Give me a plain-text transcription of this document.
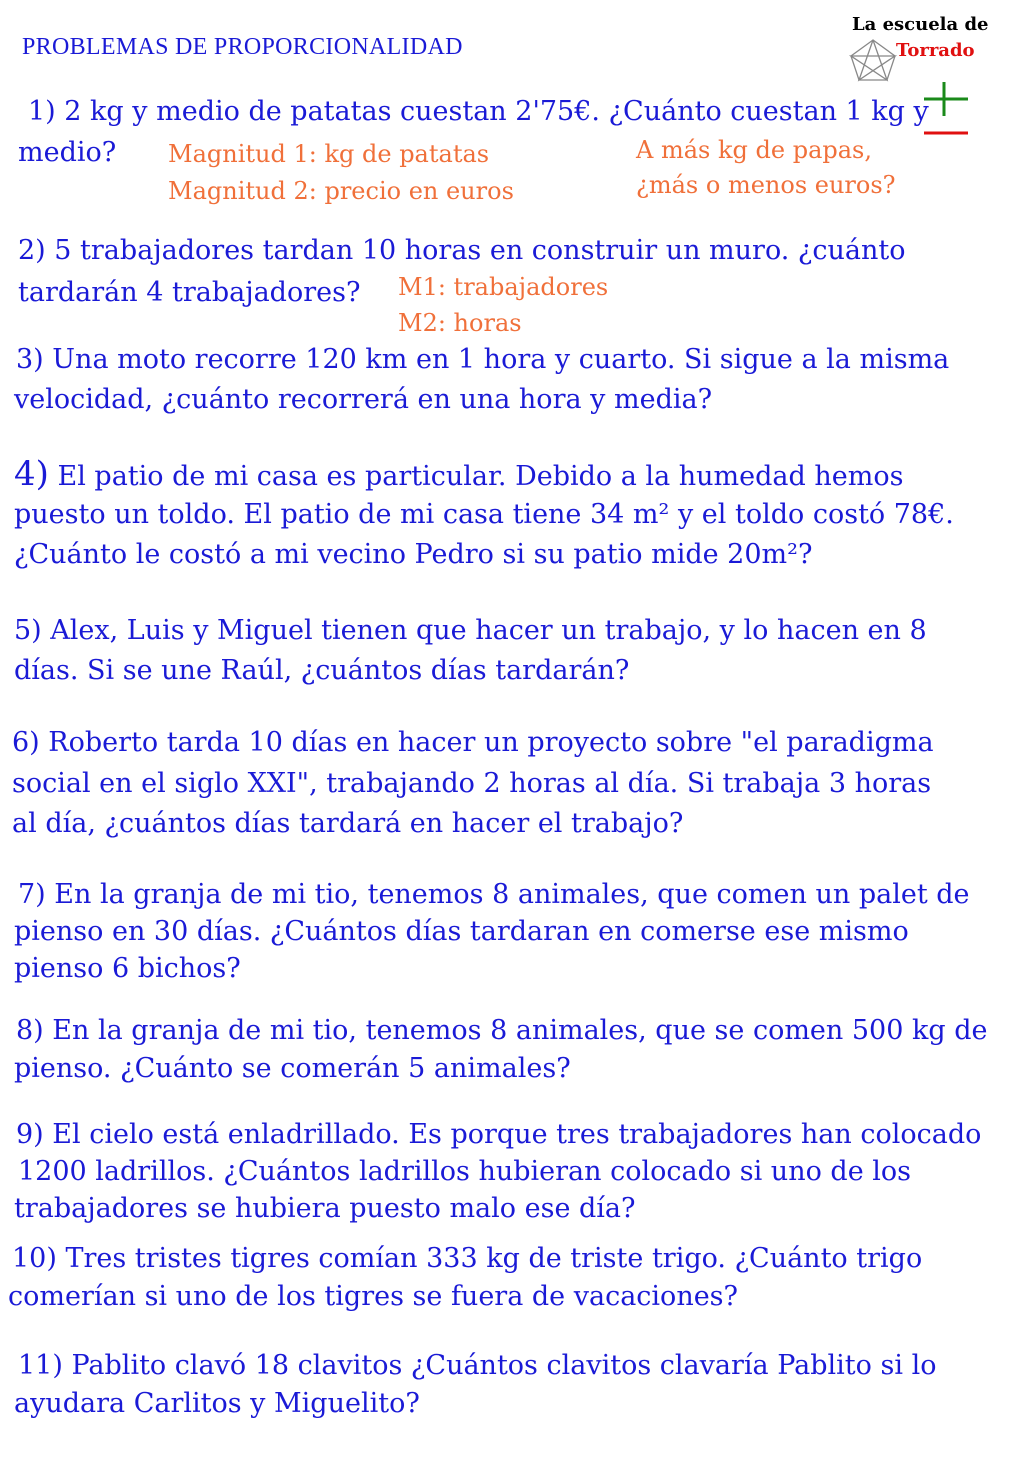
PROBLEMAS DE PROPORCIONALIDAD
La escuela de
Torrado
1) 2 kg y medio de patatas cuestan 2'75€. ¿Cuánto cuestan 1 kg y
medio? Magnitud 1: kg de patatas
Magnitud 2: precio en euros
A más kg de papas,
¿más o menos euros?
2) 5 trabajadores tardan 10 horas en construir un muro. ¿cuánto
tardarán 4 trabajadores? M1: trabajadores
M2: horas
3) Una moto recorre 120 km en 1 hora y cuarto. Si sigue a la misma
velocidad, ¿cuánto recorrerá en una hora y media?
4) El patio de mi casa es particular. Debido a la humedad hemos
puesto un toldo. El patio de mi casa tiene 34 m² y el toldo costó 78€.
¿Cuánto le costó a mi vecino Pedro si su patio mide 20m²?
5) Alex, Luis y Miguel tienen que hacer un trabajo, y lo hacen en 8
días. Si se une Raúl, ¿cuántos días tardarán?
6) Roberto tarda 10 días en hacer un proyecto sobre "el paradigma
social en el siglo XXI", trabajando 2 horas al día. Si trabaja 3 horas
al día, ¿cuántos días tardará en hacer el trabajo?
7) En la granja de mi tio, tenemos 8 animales, que comen un palet de
pienso en 30 días. ¿Cuántos días tardaran en comerse ese mismo
pienso 6 bichos?
8) En la granja de mi tio, tenemos 8 animales, que se comen 500 kg de
pienso. ¿Cuánto se comerán 5 animales?
9) El cielo está enladrillado. Es porque tres trabajadores han colocado
1200 ladrillos. ¿Cuántos ladrillos hubieran colocado si uno de los
trabajadores se hubiera puesto malo ese día?
10) Tres tristes tigres comían 333 kg de triste trigo. ¿Cuánto trigo
comerían si uno de los tigres se fuera de vacaciones?
11) Pablito clavó 18 clavitos ¿Cuántos clavitos clavaría Pablito si lo
ayudara Carlitos y Miguelito?
